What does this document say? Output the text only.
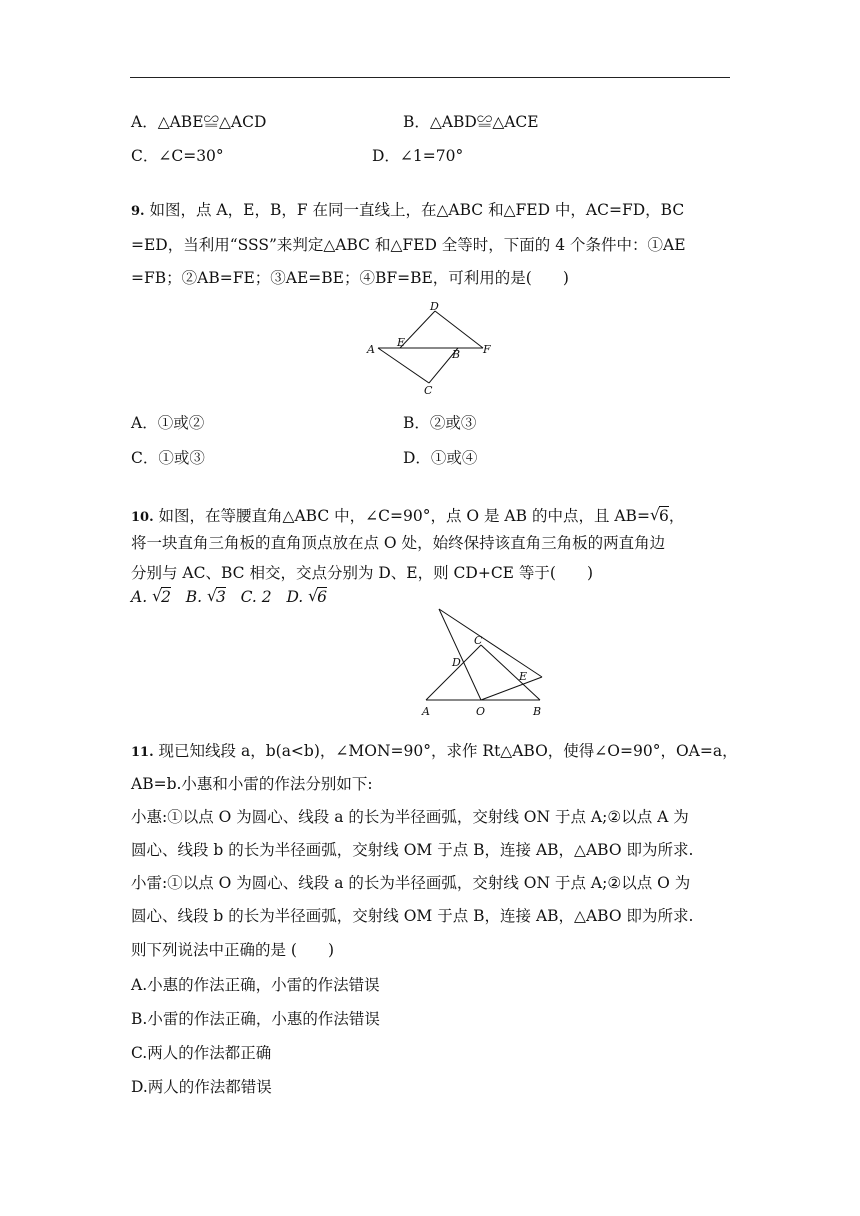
A．△ABE≌△ACD	B．△ABD≌△ACE
C．∠C=30°	D．∠1=70°
9. 如图，点 A，E，B，F 在同一直线上，在△ABC 和△FED 中，AC=FD，BC
=ED，当利用“SSS”来判定△ABC 和△FED 全等时，下面的 4 个条件中：①AE
=FB；②AB=FE；③AE=BE；④BF=BE，可利用的是(　　)
D
A
E
B F
C
A．①或②	B．②或③
C．①或③	D．①或④
10. 如图，在等腰直角△ABC 中，∠C=90°，点 O 是 AB 的中点，且 AB=√ 6，
将一块直角三角板的直角顶点放在点 O 处，始终保持该直角三角板的两直角边
分别与 AC、BC 相交，交点分别为 D、E，则 CD+CE 等于(　　)
A. √ 2 B. √ 3 C. 2 D. √ 6
A	O	B
C
D
E
11. 现已知线段 a，b(a<b)，∠MON=90°，求作 Rt△ABO，使得∠O=90°，OA=a，
AB=b.小惠和小雷的作法分别如下:
小惠:①以点 O 为圆心、线段 a 的长为半径画弧，交射线 ON 于点 A;②以点 A 为
圆心、线段 b 的长为半径画弧，交射线 OM 于点 B，连接 AB，△ABO 即为所求.
小雷:①以点 O 为圆心、线段 a 的长为半径画弧，交射线 ON 于点 A;②以点 O 为
圆心、线段 b 的长为半径画弧，交射线 OM 于点 B，连接 AB，△ABO 即为所求.
则下列说法中正确的是 (　　)
A.小惠的作法正确，小雷的作法错误
B.小雷的作法正确，小惠的作法错误
C.两人的作法都正确
D.两人的作法都错误
